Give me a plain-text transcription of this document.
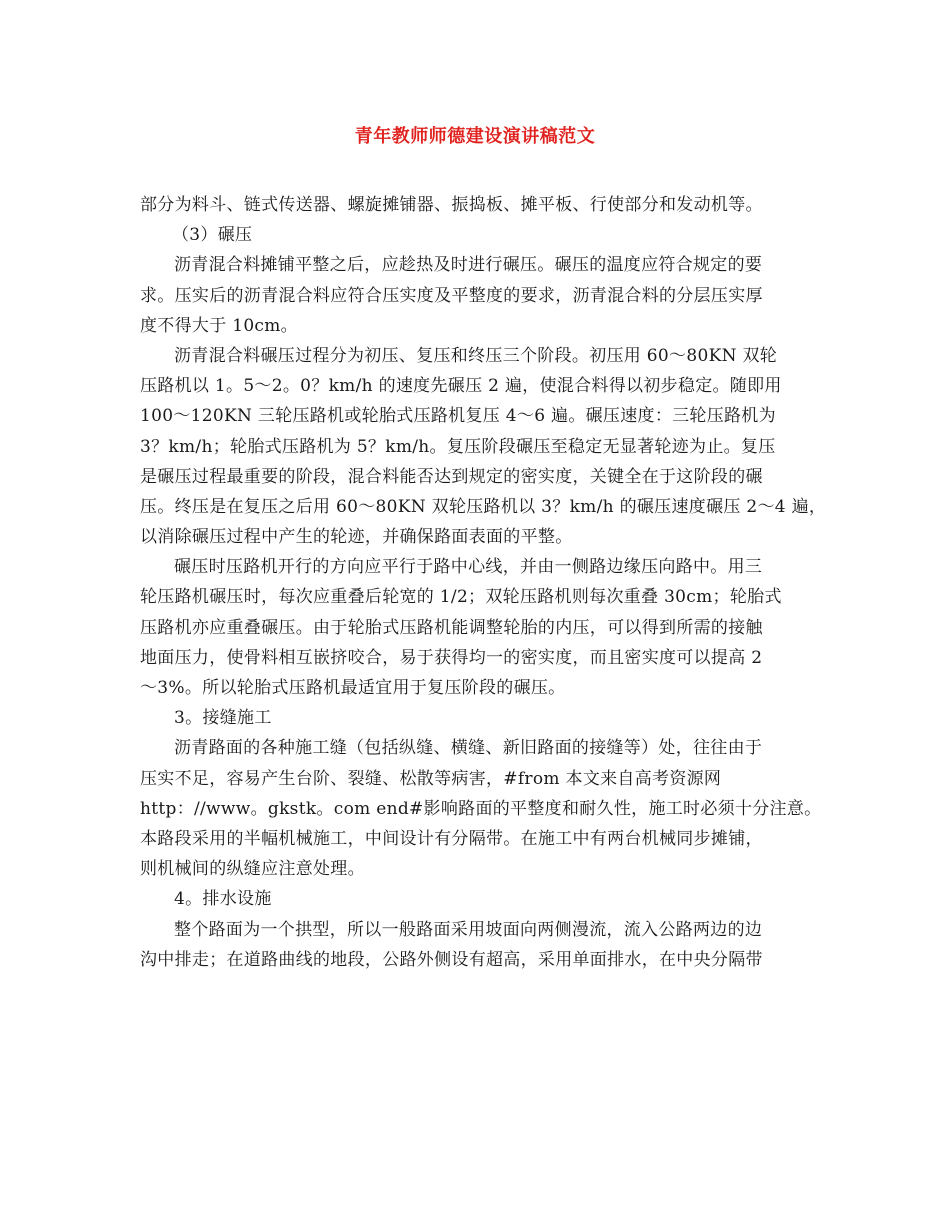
青年教师师德建设演讲稿范文
部分为料斗、链式传送器、螺旋摊铺器、振捣板、摊平板、行使部分和发动机等。
（3）碾压
沥青混合料摊铺平整之后，应趁热及时进行碾压。碾压的温度应符合规定的要
求。压实后的沥青混合料应符合压实度及平整度的要求，沥青混合料的分层压实厚
度不得大于 10cm。
沥青混合料碾压过程分为初压、复压和终压三个阶段。初压用 60～80KN 双轮
压路机以 1。5～2。0？km/h 的速度先碾压 2 遍，使混合料得以初步稳定。随即用
100～120KN 三轮压路机或轮胎式压路机复压 4～6 遍。碾压速度：三轮压路机为
3？km/h；轮胎式压路机为 5？km/h。复压阶段碾压至稳定无显著轮迹为止。复压
是碾压过程最重要的阶段，混合料能否达到规定的密实度，关键全在于这阶段的碾
压。终压是在复压之后用 60～80KN 双轮压路机以 3？km/h 的碾压速度碾压 2～4 遍，
以消除碾压过程中产生的轮迹，并确保路面表面的平整。
碾压时压路机开行的方向应平行于路中心线，并由一侧路边缘压向路中。用三
轮压路机碾压时，每次应重叠后轮宽的 1/2；双轮压路机则每次重叠 30cm；轮胎式
压路机亦应重叠碾压。由于轮胎式压路机能调整轮胎的内压，可以得到所需的接触
地面压力，使骨料相互嵌挤咬合，易于获得均一的密实度，而且密实度可以提高 2
～3%。所以轮胎式压路机最适宜用于复压阶段的碾压。
3。接缝施工
沥青路面的各种施工缝（包括纵缝、横缝、新旧路面的接缝等）处，往往由于
压实不足，容易产生台阶、裂缝、松散等病害，#from 本文来自高考资源网
http：//www。gkstk。com end#影响路面的平整度和耐久性，施工时必须十分注意。
本路段采用的半幅机械施工，中间设计有分隔带。在施工中有两台机械同步摊铺，
则机械间的纵缝应注意处理。
4。排水设施
整个路面为一个拱型，所以一般路面采用坡面向两侧漫流，流入公路两边的边
沟中排走；在道路曲线的地段，公路外侧设有超高，采用单面排水，在中央分隔带
